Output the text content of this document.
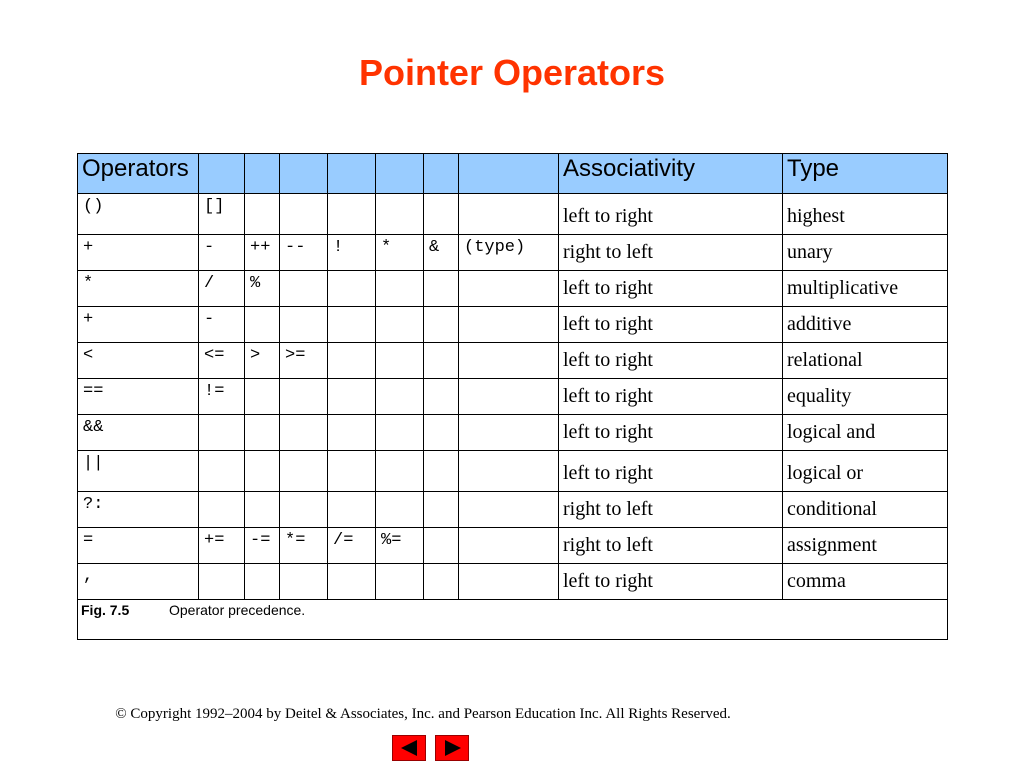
Pointer Operators
Operators								Associativity	Type
()	[]							left to right	highest
+	-	++	--	!	*	&	(type)	right to left	unary
*	/	%						left to right	multiplicative
+	-							left to right	additive
<	<=	>	>=					left to right	relational
==	!=							left to right	equality
&&								left to right	logical and
||								left to right	logical or
?:								right to left	conditional
=	+=	-=	*=	/=	%=			right to left	assignment
,								left to right	comma
Fig. 7.5 Operator precedence.									
© Copyright 1992–2004 by Deitel & Associates, Inc. and Pearson Education Inc. All Rights Reserved.
